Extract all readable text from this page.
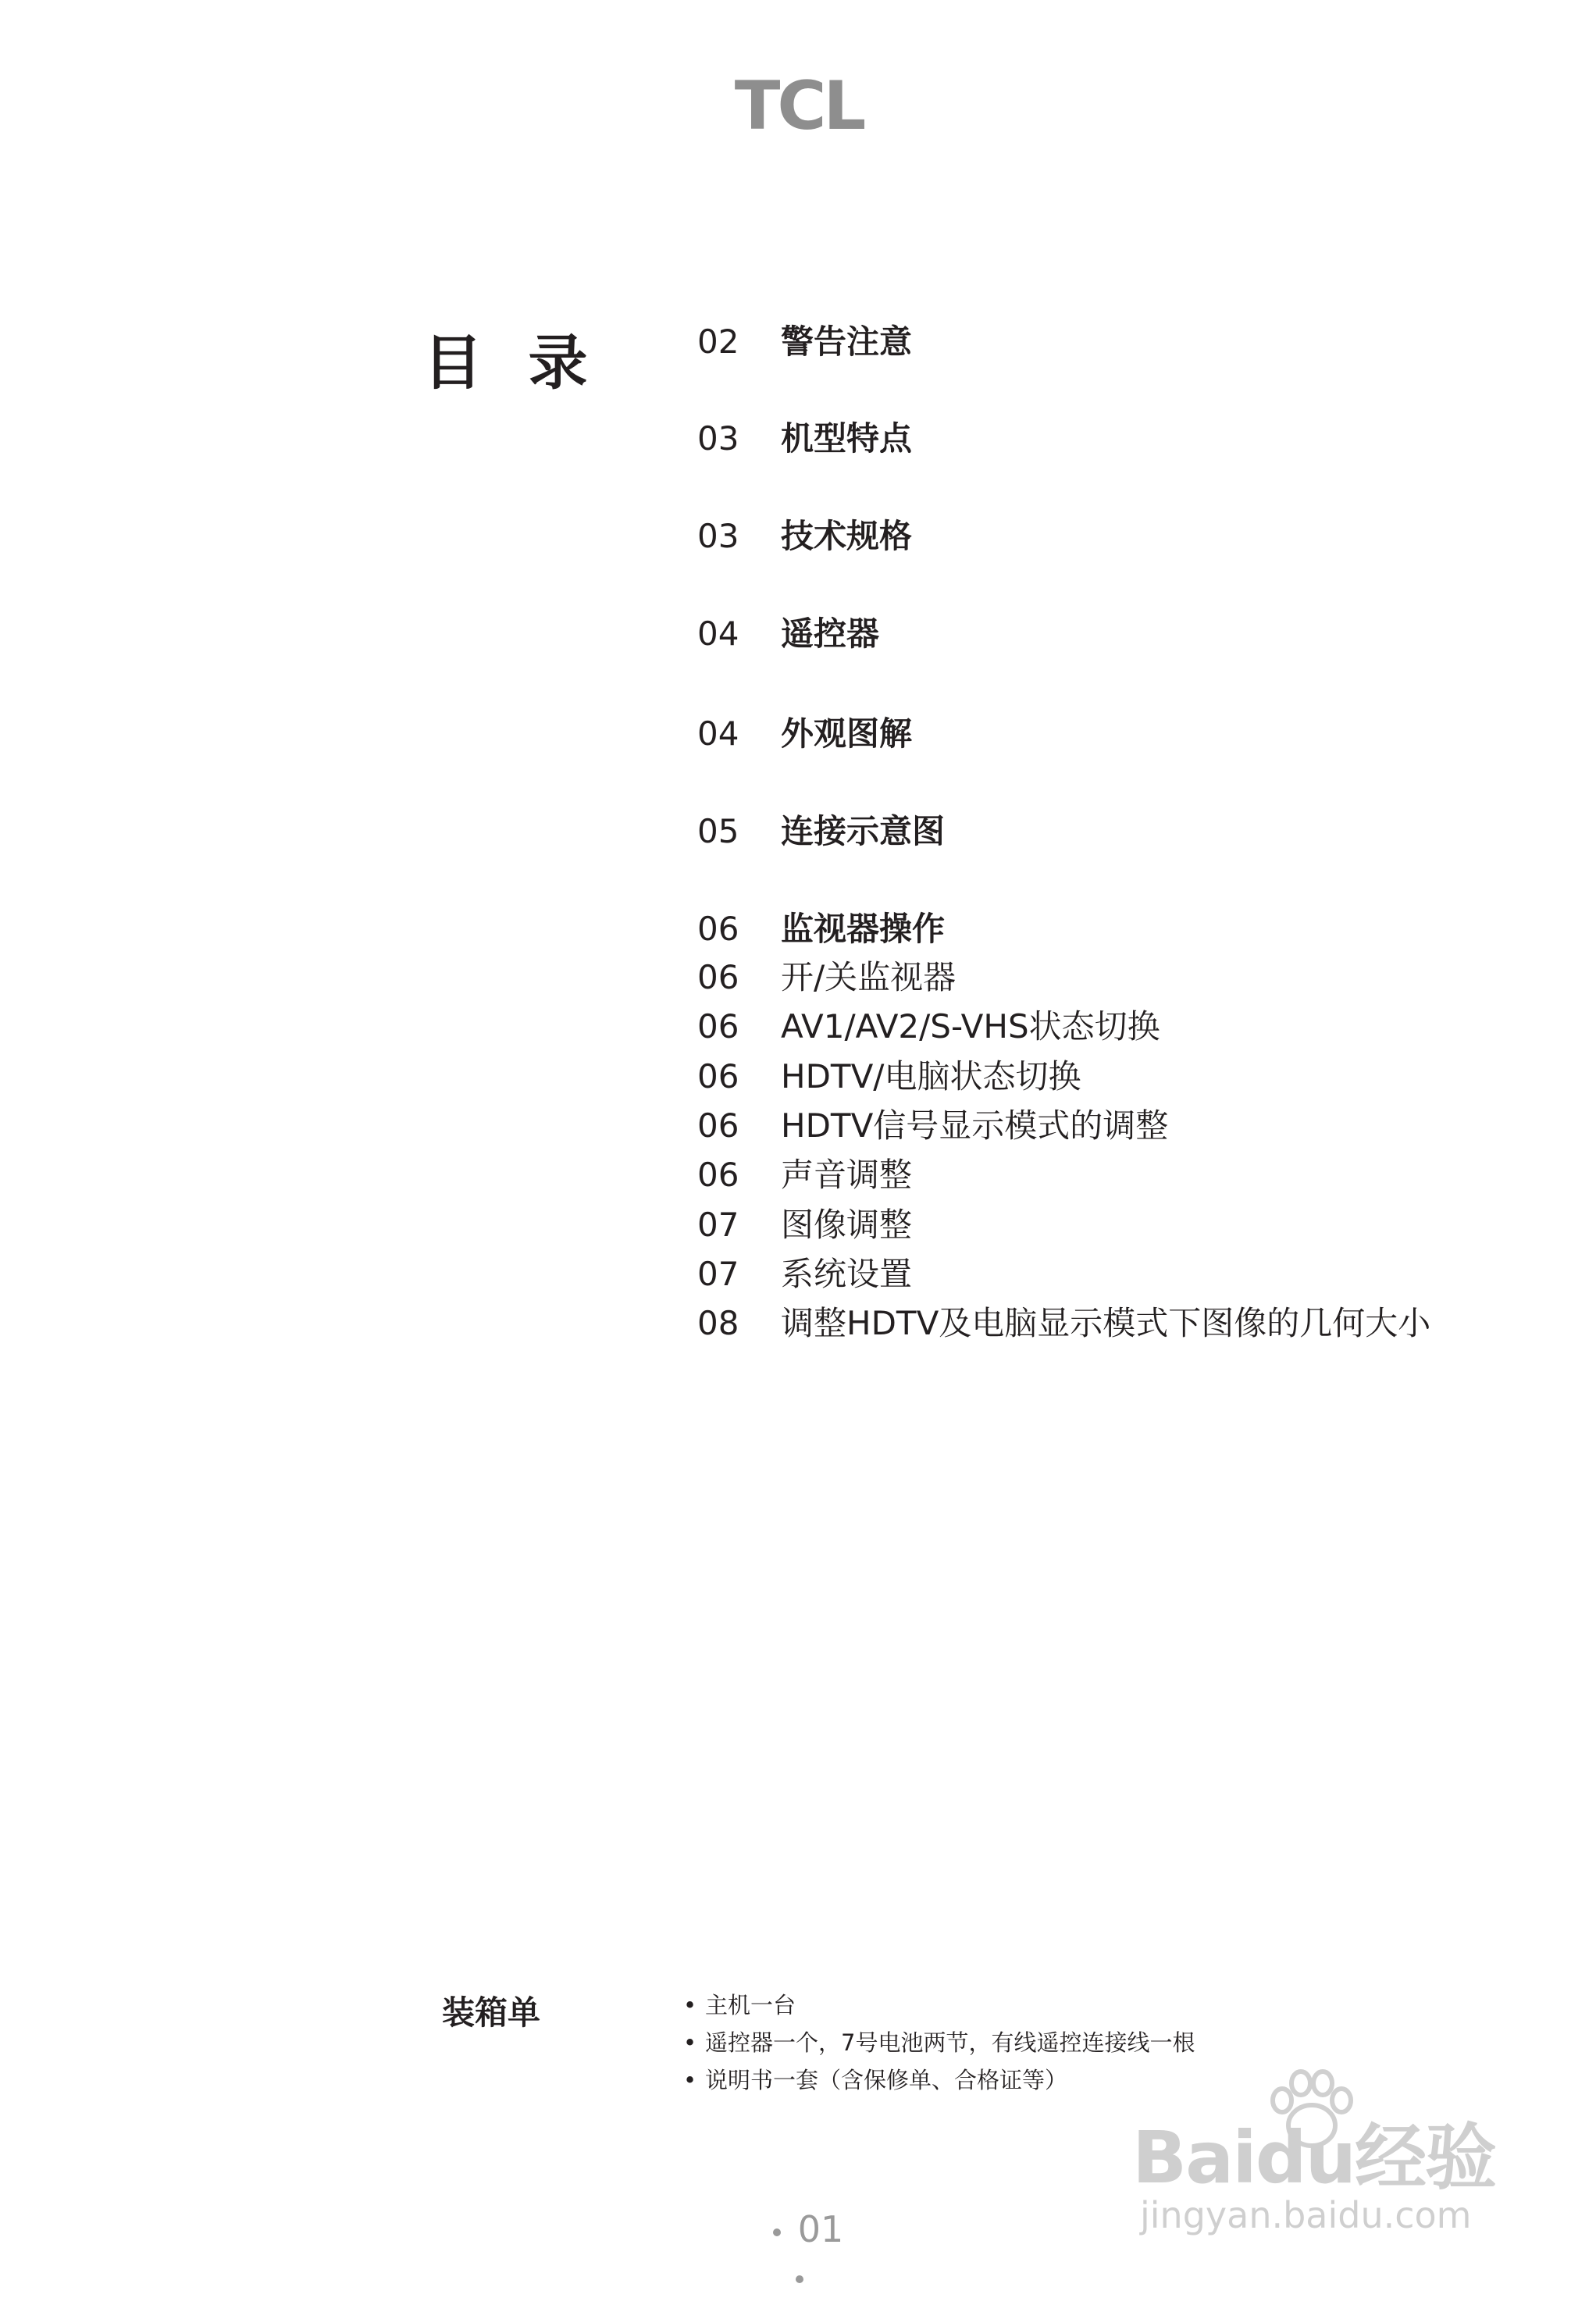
TCL
目 录	02	警告注意
03	机型特点
03	技术规格
04	遥控器
04	外观图解
05	连接示意图
06	监视器操作
06	开/关监视器
06	AV1/AV2/S-VHS状态切换
06	HDTV/电脑状态切换
06	HDTV信号显示模式的调整
06	声音调整
07	图像调整
07	系统设置
08	调整HDTV及电脑显示模式下图像的几何大小
装箱单	• 主机一台
• 遥控器一个，7号电池两节，有线遥控连接线一根
• 说明书一套（含保修单、合格证等）
01
Baidu经验
jingyan.baidu.com
